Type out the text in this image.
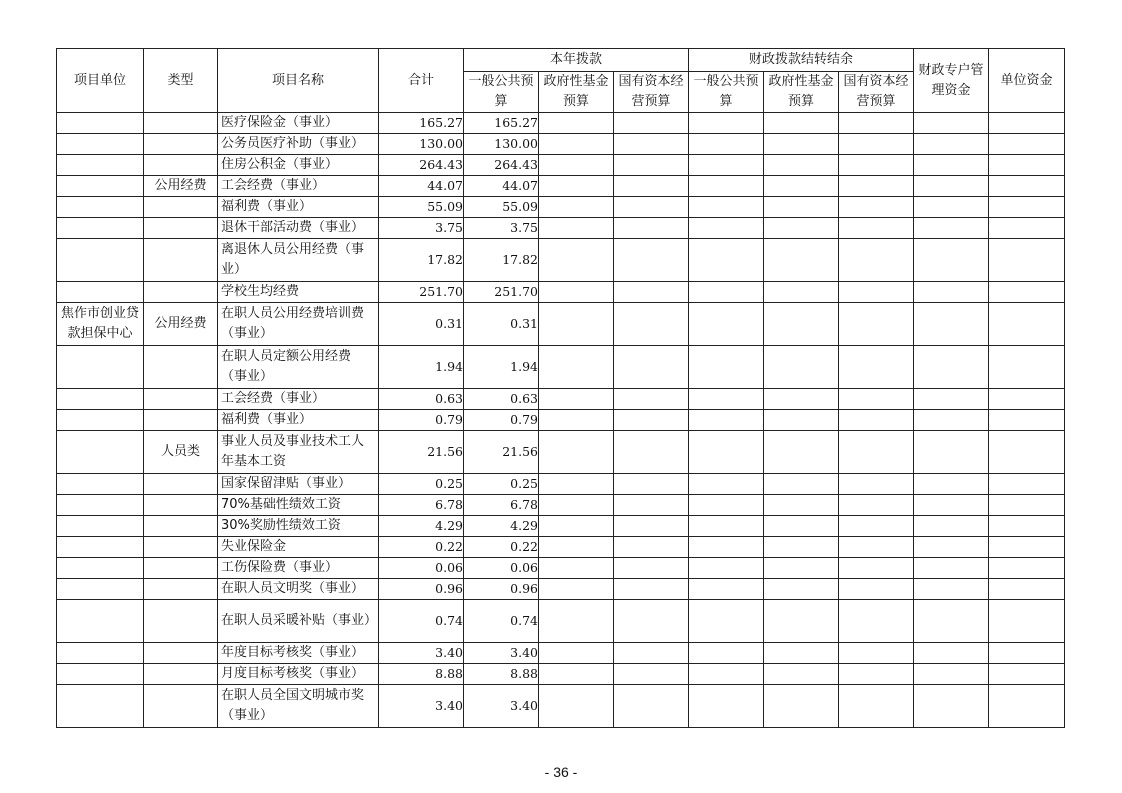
项目单位	类型	项目名称	合计	本年拨款			财政拨款结转结余			财政专户管理资金	单位资金
				一般公共预算	政府性基金预算	国有资本经营预算	一般公共预算	政府性基金预算	国有资本经营预算		

		医疗保险金（事业）	165.27	165.27							
		公务员医疗补助（事业）	130.00	130.00							
		住房公积金（事业）	264.43	264.43							
	公用经费	工会经费（事业）	44.07	44.07							
		福利费（事业）	55.09	55.09							
		退休干部活动费（事业）	3.75	3.75							
		离退休人员公用经费（事业）	17.82	17.82							
		学校生均经费	251.70	251.70							
焦作市创业贷款担保中心	公用经费	在职人员公用经费培训费（事业）	0.31	0.31							
		在职人员定额公用经费（事业）	1.94	1.94							
		工会经费（事业）	0.63	0.63							
		福利费（事业）	0.79	0.79							
	人员类	事业人员及事业技术工人年基本工资	21.56	21.56							
		国家保留津贴（事业）	0.25	0.25							
		70%基础性绩效工资	6.78	6.78							
		30%奖励性绩效工资	4.29	4.29							
		失业保险金	0.22	0.22							
		工伤保险费（事业）	0.06	0.06							
		在职人员文明奖（事业）	0.96	0.96							
		在职人员采暖补贴（事业）	0.74	0.74							
		年度目标考核奖（事业）	3.40	3.40							
		月度目标考核奖（事业）	8.88	8.88							
		在职人员全国文明城市奖（事业）	3.40	3.40							
- 36 -
